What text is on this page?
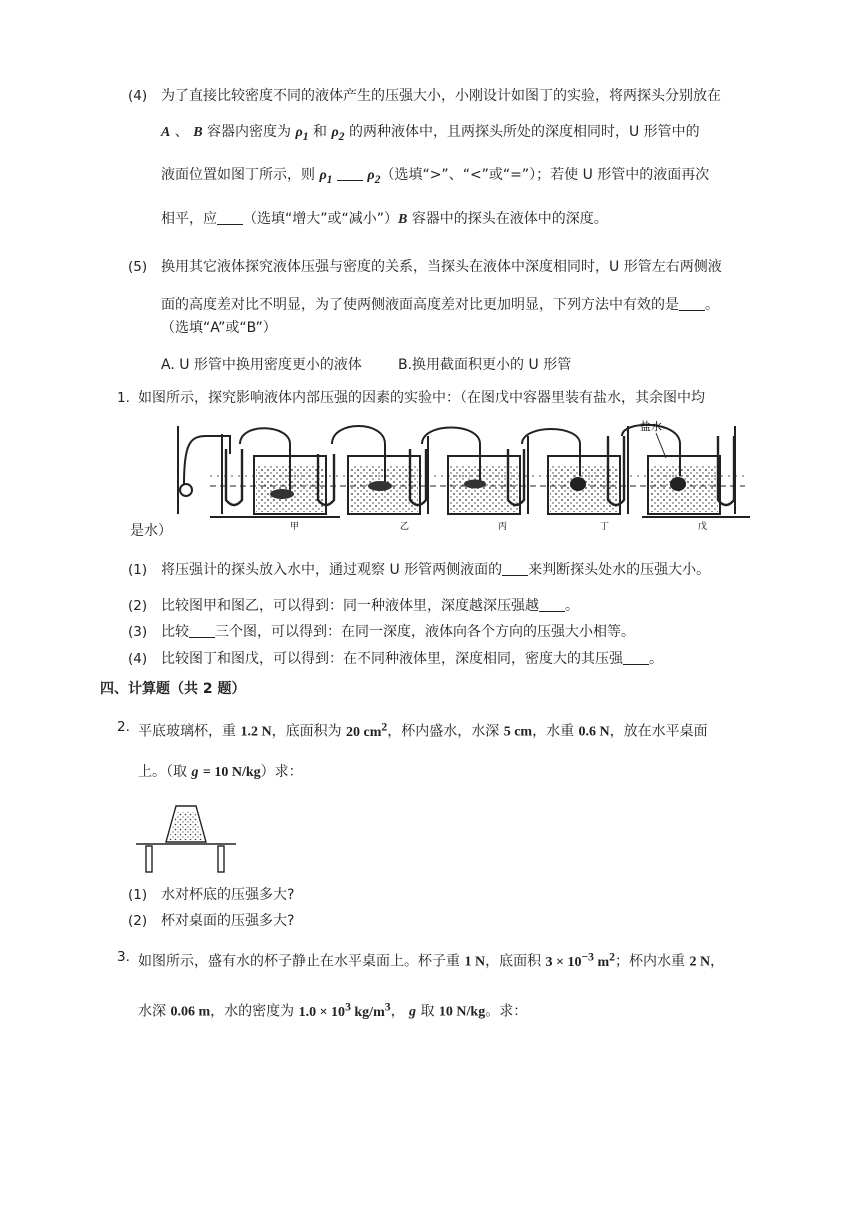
(4) 为了直接比较密度不同的液体产生的压强大小，小刚设计如图丁的实验，将两探头分别放在
A 、 B 容器内密度为 $\rho_1$ 和 $\rho_2$ 的两种液体中，且两探头所处的深度相同时，U 形管中的
液面位置如图丁所示，则 $\rho_1$ $\rho_2$（选填“>”、“<”或“=”）；若使 U 形管中的液面再次
相平，应 （选填“增大”或“减小”）B 容器中的探头在液体中的深度。
(5) 换用其它液体探究液体压强与密度的关系，当探头在液体中深度相同时，U 形管左右两侧液
面的高度差对比不明显，为了使两侧液面高度差对比更加明显，下列方法中有效的是 。
（选填“A”或“B”）
A. U 形管中换用密度更小的液体	B.换用截面积更小的 U 形管
1. 如图所示，探究影响液体内部压强的因素的实验中：（在图戊中容器里装有盐水，其余图中均
盐水
甲	乙	丙	丁	戊
是水）
(1) 将压强计的探头放入水中，通过观察 U 形管两侧液面的 来判断探头处水的压强大小。
(2) 比较图甲和图乙，可以得到：同一种液体里，深度越深压强越 。
(3) 比较 三个图，可以得到：在同一深度，液体向各个方向的压强大小相等。
(4) 比较图丁和图戊，可以得到：在不同种液体里，深度相同，密度大的其压强 。
四、计算题（共 2 题）
2. 平底玻璃杯，重 1.2 N，底面积为 20 $cm^2$，杯内盛水，水深 5 cm，水重 0.6 N，放在水平桌面
上。（取 g = 10 N/kg）求：
(1) 水对杯底的压强多大?
(2) 杯对桌面的压强多大?
3. 如图所示，盛有水的杯子静止在水平桌面上。杯子重 1 N，底面积 $3 \times 10^{-3}$ $m^2$；杯内水重 2 N，
水深 0.06 m，水的密度为 $1.0 \times 10^3$ $kg/m^3$， g 取 10 N/kg。求：
